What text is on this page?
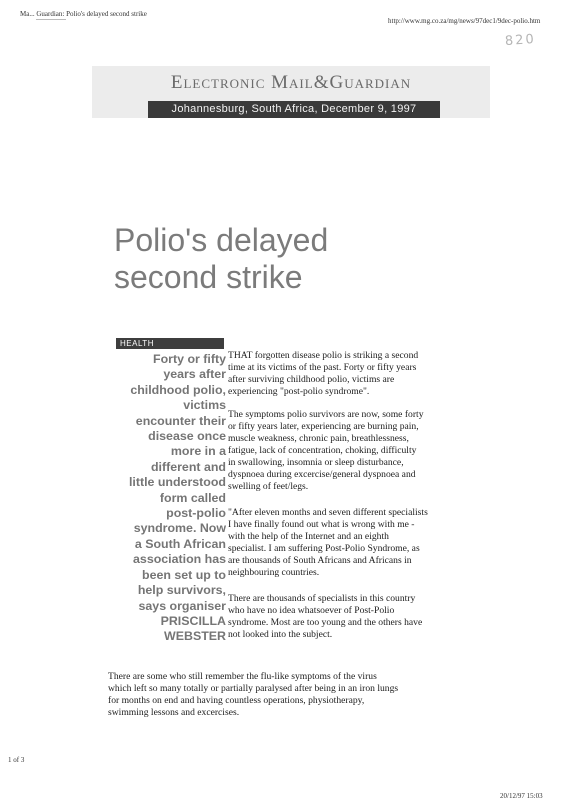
Ma... Guardian: Polio's delayed second strike
http://www.mg.co.za/mg/news/97dec1/9dec-polio.htm
820
Electronic Mail&Guardian
Johannesburg, South Africa, December 9, 1997
Polio's delayed
second strike
HEALTH
Forty or fifty
years after
childhood polio,
victims
encounter their
disease once
more in a
different and
little understood
form called
post-polio
syndrome. Now
a South African
association has
been set up to
help survivors,
says organiser
PRISCILLA
WEBSTER

THAT forgotten disease polio is striking a second
time at its victims of the past. Forty or fifty years
after surviving childhood polio, victims are
experiencing "post-polio syndrome".

The symptoms polio survivors are now, some forty
or fifty years later, experiencing are burning pain,
muscle weakness, chronic pain, breathlessness,
fatigue, lack of concentration, choking, difficulty
in swallowing, insomnia or sleep disturbance,
dyspnoea during excercise/general dyspnoea and
swelling of feet/legs.

"After eleven months and seven different specialists
I have finally found out what is wrong with me -
with the help of the Internet and an eighth
specialist. I am suffering Post-Polio Syndrome, as
are thousands of South Africans and Africans in
neighbouring countries.

There are thousands of specialists in this country
who have no idea whatsoever of Post-Polio
syndrome. Most are too young and the others have
not looked into the subject.

There are some who still remember the flu-like symptoms of the virus
which left so many totally or partially paralysed after being in an iron lungs
for months on end and having countless operations, physiotherapy,
swimming lessons and excercises.
1 of 3
20/12/97 15:03
